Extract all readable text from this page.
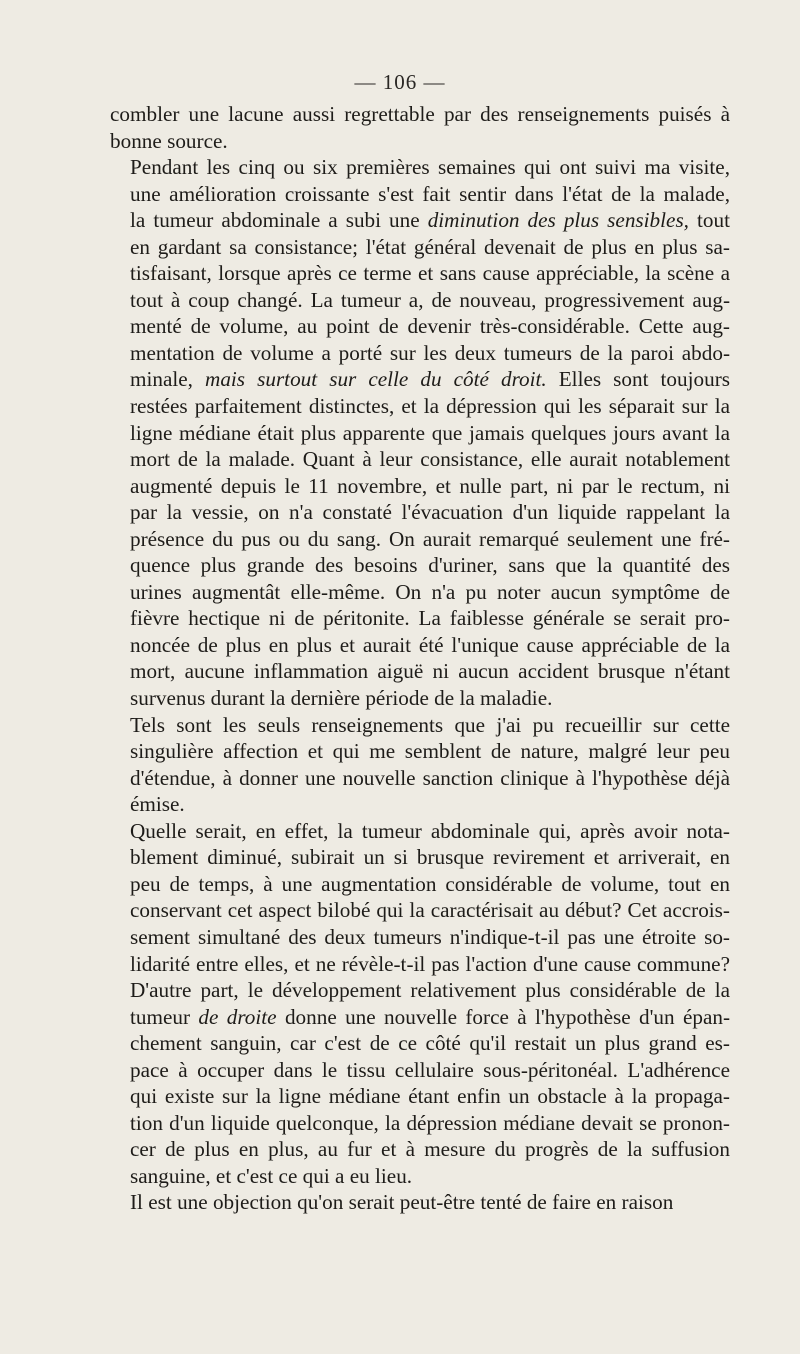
— 106 —

combler une lacune aussi regrettable par des renseignements puisés à
bonne source.

Pendant les cinq ou six premières semaines qui ont suivi ma visite,
une amélioration croissante s'est fait sentir dans l'état de la malade,
la tumeur abdominale a subi une diminution des plus sensibles, tout
en gardant sa consistance; l'état général devenait de plus en plus sa-
tisfaisant, lorsque après ce terme et sans cause appréciable, la scène a
tout à coup changé. La tumeur a, de nouveau, progressivement aug-
menté de volume, au point de devenir très-considérable. Cette aug-
mentation de volume a porté sur les deux tumeurs de la paroi abdo-
minale, mais surtout sur celle du côté droit. Elles sont toujours
restées parfaitement distinctes, et la dépression qui les séparait sur la
ligne médiane était plus apparente que jamais quelques jours avant la
mort de la malade. Quant à leur consistance, elle aurait notablement
augmenté depuis le 11 novembre, et nulle part, ni par le rectum, ni
par la vessie, on n'a constaté l'évacuation d'un liquide rappelant la
présence du pus ou du sang. On aurait remarqué seulement une fré-
quence plus grande des besoins d'uriner, sans que la quantité des
urines augmentât elle-même. On n'a pu noter aucun symptôme de
fièvre hectique ni de péritonite. La faiblesse générale se serait pro-
noncée de plus en plus et aurait été l'unique cause appréciable de la
mort, aucune inflammation aiguë ni aucun accident brusque n'étant
survenus durant la dernière période de la maladie.

Tels sont les seuls renseignements que j'ai pu recueillir sur cette
singulière affection et qui me semblent de nature, malgré leur peu
d'étendue, à donner une nouvelle sanction clinique à l'hypothèse déjà
émise.

Quelle serait, en effet, la tumeur abdominale qui, après avoir nota-
blement diminué, subirait un si brusque revirement et arriverait, en
peu de temps, à une augmentation considérable de volume, tout en
conservant cet aspect bilobé qui la caractérisait au début? Cet accrois-
sement simultané des deux tumeurs n'indique-t-il pas une étroite so-
lidarité entre elles, et ne révèle-t-il pas l'action d'une cause commune?
D'autre part, le développement relativement plus considérable de la
tumeur de droite donne une nouvelle force à l'hypothèse d'un épan-
chement sanguin, car c'est de ce côté qu'il restait un plus grand es-
pace à occuper dans le tissu cellulaire sous-péritonéal. L'adhérence
qui existe sur la ligne médiane étant enfin un obstacle à la propaga-
tion d'un liquide quelconque, la dépression médiane devait se pronon-
cer de plus en plus, au fur et à mesure du progrès de la suffusion
sanguine, et c'est ce qui a eu lieu.

Il est une objection qu'on serait peut-être tenté de faire en raison
